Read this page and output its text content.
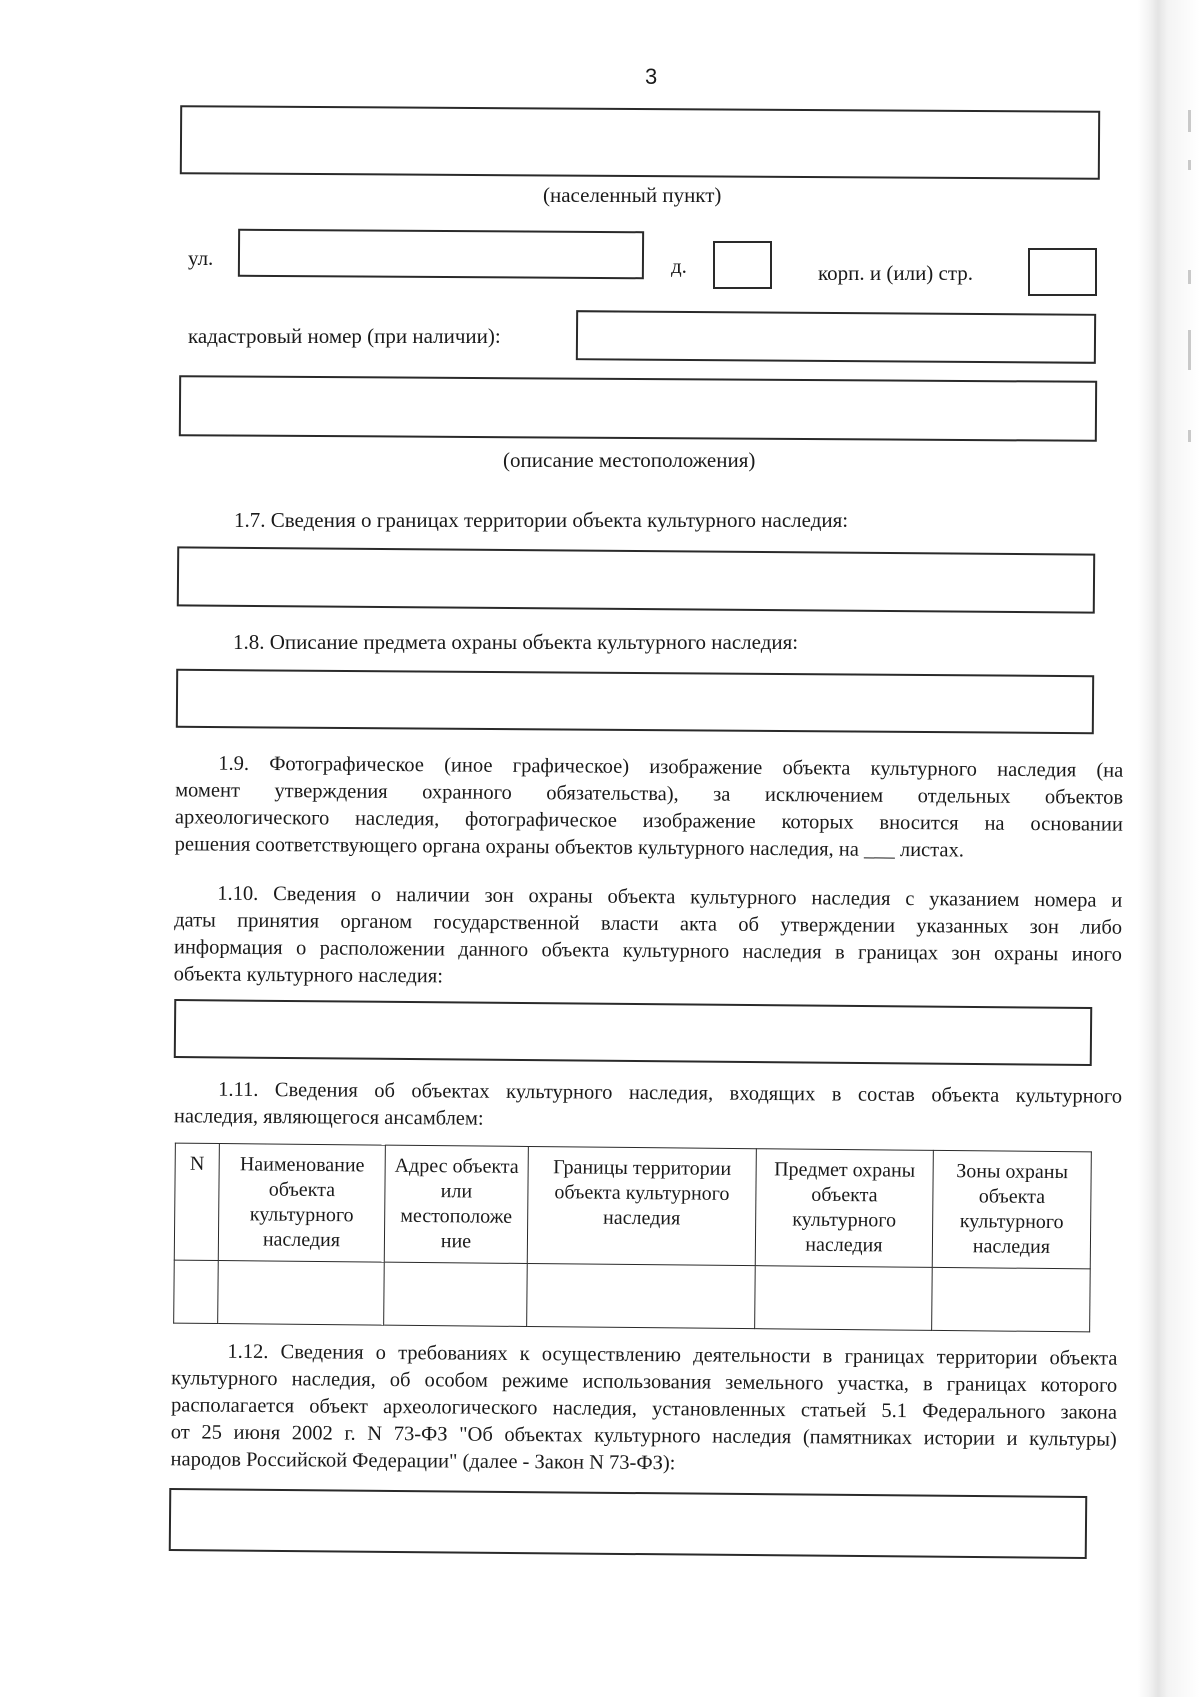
3
(населенный пункт)
ул.	д.	корп. и (или) стр.
кадастровый номер (при наличии):
(описание местоположения)
1.7. Сведения о границах территории объекта культурного наследия:
1.8. Описание предмета охраны объекта культурного наследия:
1.9. Фотографическое (иное графическое) изображение объекта культурного наследия (на
момент утверждения охранного обязательства), за исключением отдельных объектов
археологического наследия, фотографическое изображение которых вносится на основании
решения соответствующего органа охраны объектов культурного наследия, на ___ листах.
1.10. Сведения о наличии зон охраны объекта культурного наследия с указанием номера и
даты принятия органом государственной власти акта об утверждении указанных зон либо
информация о расположении данного объекта культурного наследия в границах зон охраны иного
объекта культурного наследия:
1.11. Сведения об объектах культурного наследия, входящих в состав объекта культурного
наследия, являющегося ансамблем:
N	Наименование объекта культурного наследия	Адрес объекта или местоположе ние	Границы территории объекта культурного наследия	Предмет охраны объекта культурного наследия	Зоны охраны объекта культурного наследия

1.12. Сведения о требованиях к осуществлению деятельности в границах территории объекта
культурного наследия, об особом режиме использования земельного участка, в границах которого
располагается объект археологического наследия, установленных статьей 5.1 Федерального закона
от 25 июня 2002 г. N 73-ФЗ "Об объектах культурного наследия (памятниках истории и культуры)
народов Российской Федерации" (далее - Закон N 73-ФЗ):
